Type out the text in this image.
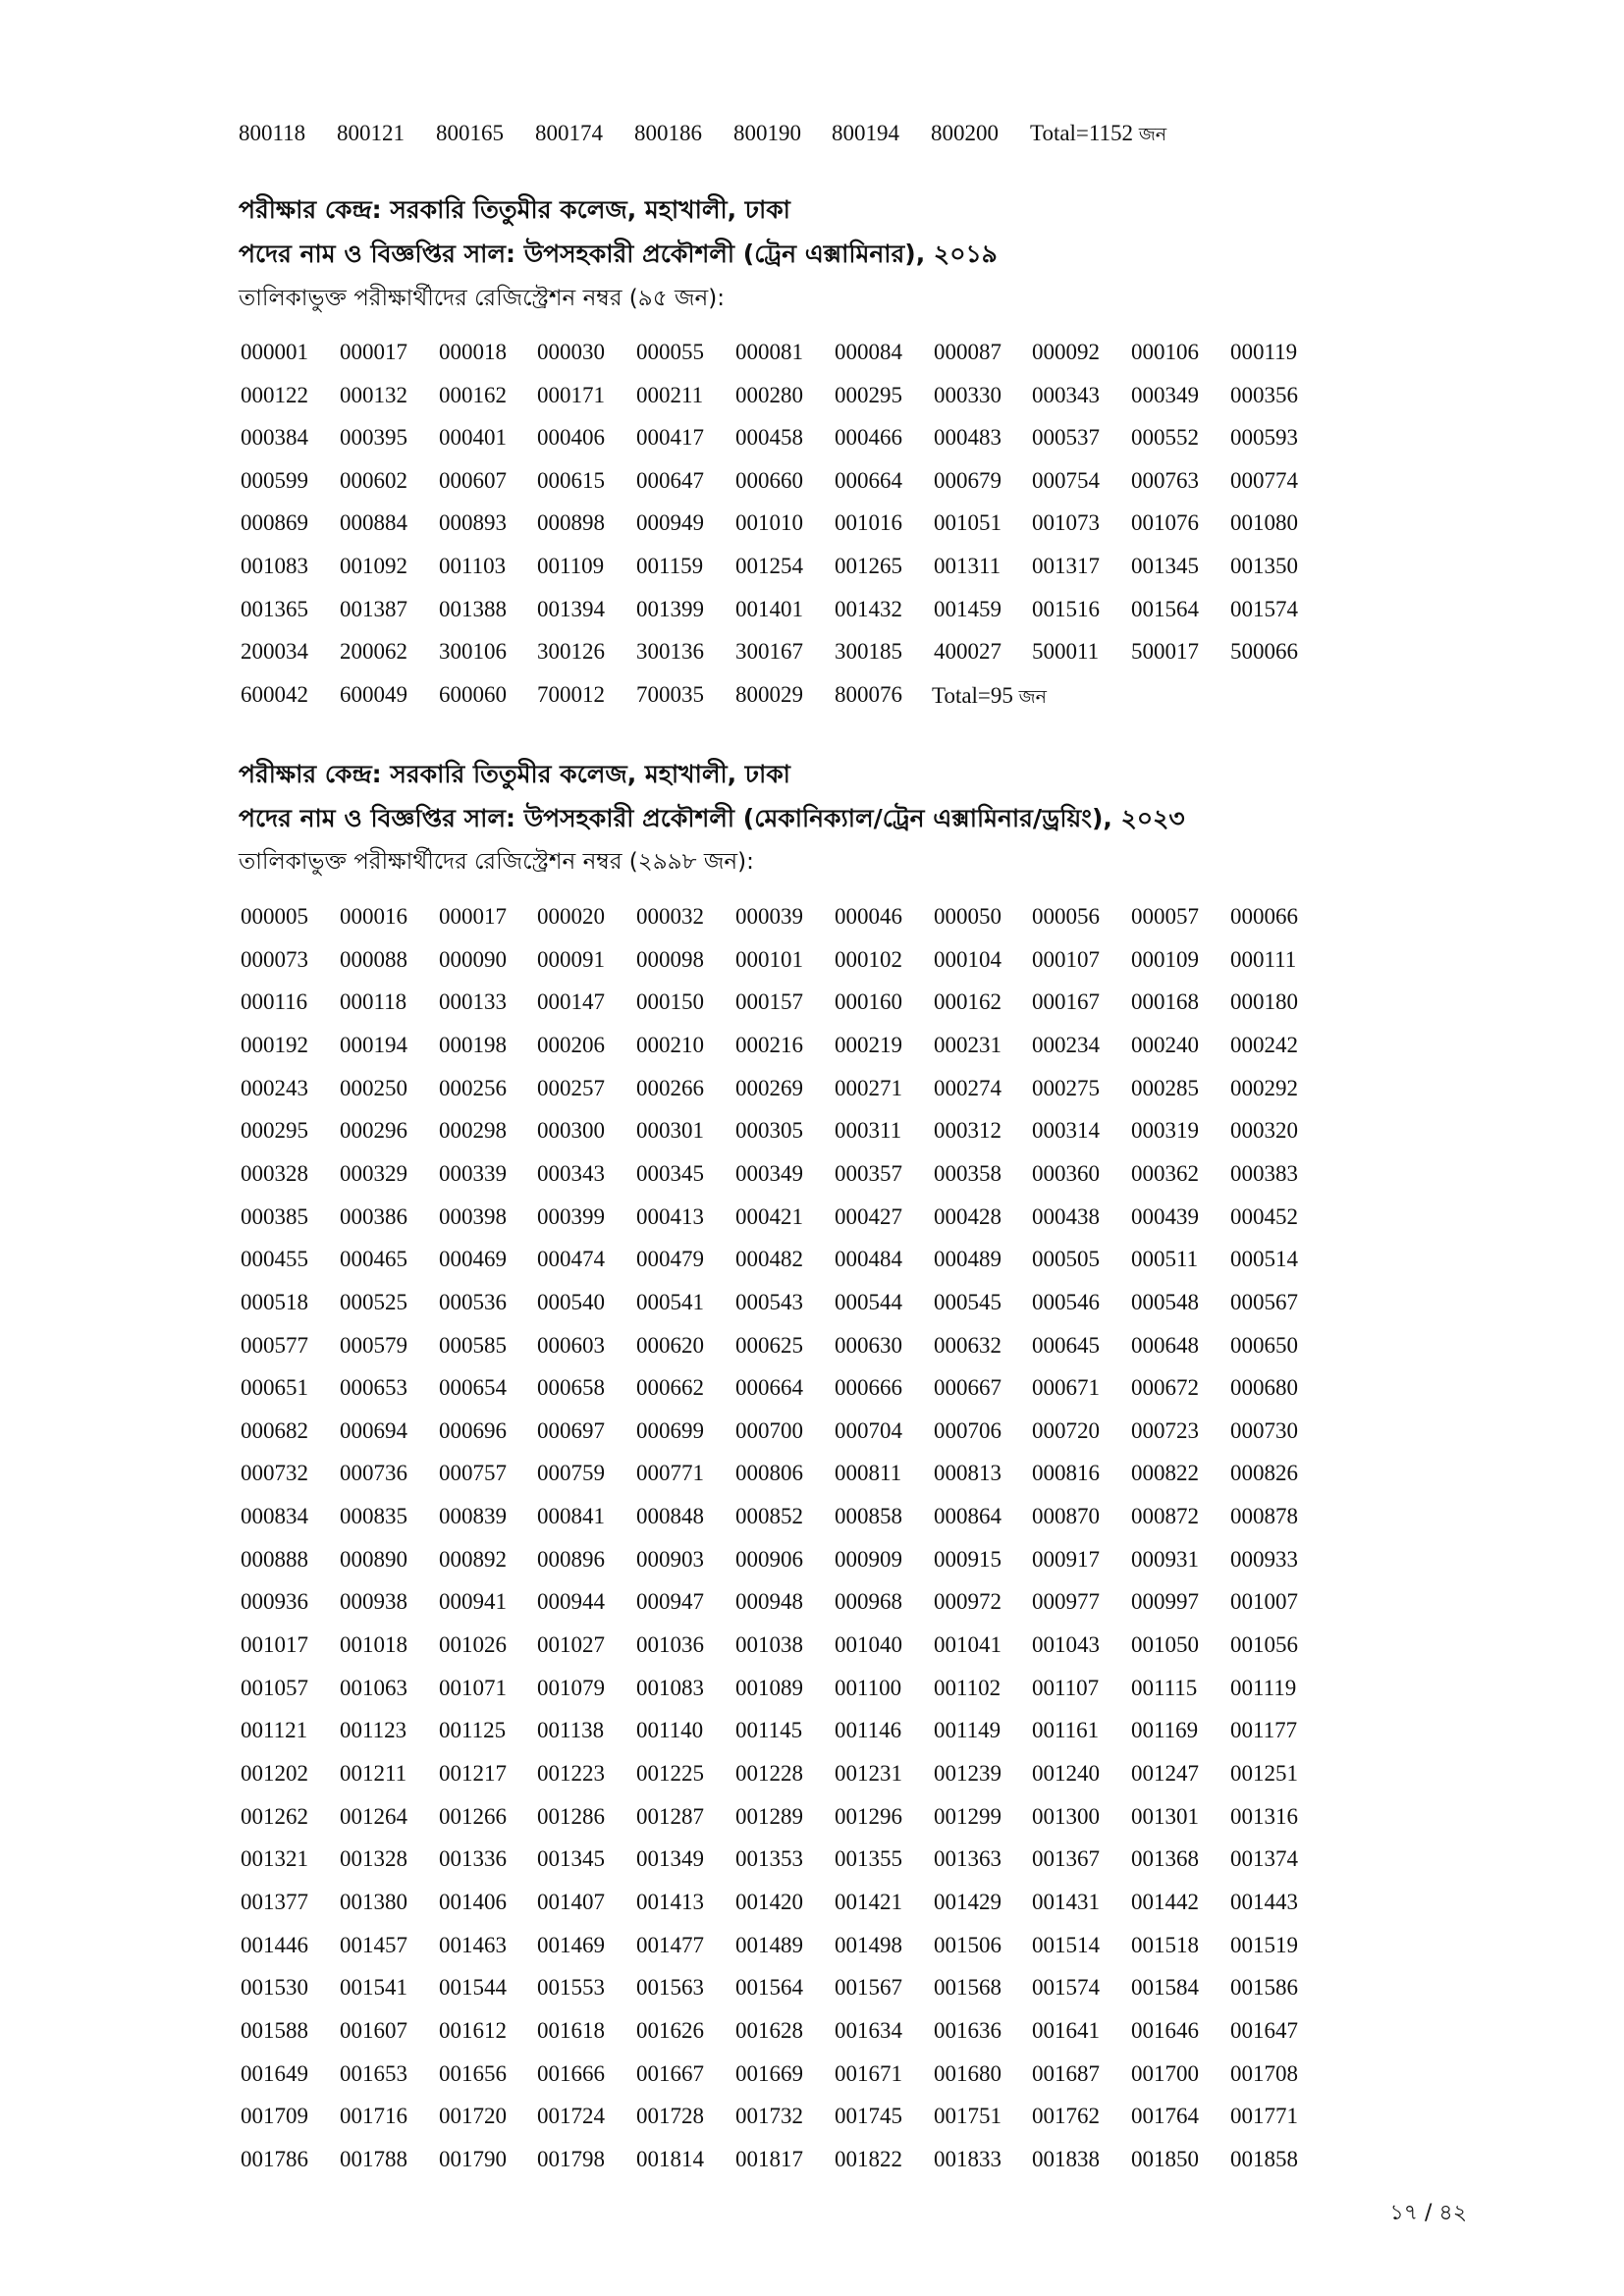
800118 800121 800165 800174 800186 800190 800194 800200 Total=1152 জন
পরীক্ষার কেন্দ্র: সরকারি তিতুমীর কলেজ, মহাখালী, ঢাকা
পদের নাম ও বিজ্ঞপ্তির সাল: উপসহকারী প্রকৌশলী (ট্রেন এক্সামিনার), ২০১৯
তালিকাভুক্ত পরীক্ষার্থীদের রেজিস্ট্রেশন নম্বর (৯৫ জন):
000001 000017 000018 000030 000055 000081 000084 000087 000092 000106 000119
000122 000132 000162 000171 000211 000280 000295 000330 000343 000349 000356
000384 000395 000401 000406 000417 000458 000466 000483 000537 000552 000593
000599 000602 000607 000615 000647 000660 000664 000679 000754 000763 000774
000869 000884 000893 000898 000949 001010 001016 001051 001073 001076 001080
001083 001092 001103 001109 001159 001254 001265 001311 001317 001345 001350
001365 001387 001388 001394 001399 001401 001432 001459 001516 001564 001574
200034 200062 300106 300126 300136 300167 300185 400027 500011 500017 500066
600042 600049 600060 700012 700035 800029 800076 Total=95 জন
পরীক্ষার কেন্দ্র: সরকারি তিতুমীর কলেজ, মহাখালী, ঢাকা
পদের নাম ও বিজ্ঞপ্তির সাল: উপসহকারী প্রকৌশলী (মেকানিক্যাল/ট্রেন এক্সামিনার/ড্রয়িং), ২০২৩
তালিকাভুক্ত পরীক্ষার্থীদের রেজিস্ট্রেশন নম্বর (২৯৯৮ জন):
000005 000016 000017 000020 000032 000039 000046 000050 000056 000057 000066
000073 000088 000090 000091 000098 000101 000102 000104 000107 000109 000111
000116 000118 000133 000147 000150 000157 000160 000162 000167 000168 000180
000192 000194 000198 000206 000210 000216 000219 000231 000234 000240 000242
000243 000250 000256 000257 000266 000269 000271 000274 000275 000285 000292
000295 000296 000298 000300 000301 000305 000311 000312 000314 000319 000320
000328 000329 000339 000343 000345 000349 000357 000358 000360 000362 000383
000385 000386 000398 000399 000413 000421 000427 000428 000438 000439 000452
000455 000465 000469 000474 000479 000482 000484 000489 000505 000511 000514
000518 000525 000536 000540 000541 000543 000544 000545 000546 000548 000567
000577 000579 000585 000603 000620 000625 000630 000632 000645 000648 000650
000651 000653 000654 000658 000662 000664 000666 000667 000671 000672 000680
000682 000694 000696 000697 000699 000700 000704 000706 000720 000723 000730
000732 000736 000757 000759 000771 000806 000811 000813 000816 000822 000826
000834 000835 000839 000841 000848 000852 000858 000864 000870 000872 000878
000888 000890 000892 000896 000903 000906 000909 000915 000917 000931 000933
000936 000938 000941 000944 000947 000948 000968 000972 000977 000997 001007
001017 001018 001026 001027 001036 001038 001040 001041 001043 001050 001056
001057 001063 001071 001079 001083 001089 001100 001102 001107 001115 001119
001121 001123 001125 001138 001140 001145 001146 001149 001161 001169 001177
001202 001211 001217 001223 001225 001228 001231 001239 001240 001247 001251
001262 001264 001266 001286 001287 001289 001296 001299 001300 001301 001316
001321 001328 001336 001345 001349 001353 001355 001363 001367 001368 001374
001377 001380 001406 001407 001413 001420 001421 001429 001431 001442 001443
001446 001457 001463 001469 001477 001489 001498 001506 001514 001518 001519
001530 001541 001544 001553 001563 001564 001567 001568 001574 001584 001586
001588 001607 001612 001618 001626 001628 001634 001636 001641 001646 001647
001649 001653 001656 001666 001667 001669 001671 001680 001687 001700 001708
001709 001716 001720 001724 001728 001732 001745 001751 001762 001764 001771
001786 001788 001790 001798 001814 001817 001822 001833 001838 001850 001858
১৭ / ৪২
